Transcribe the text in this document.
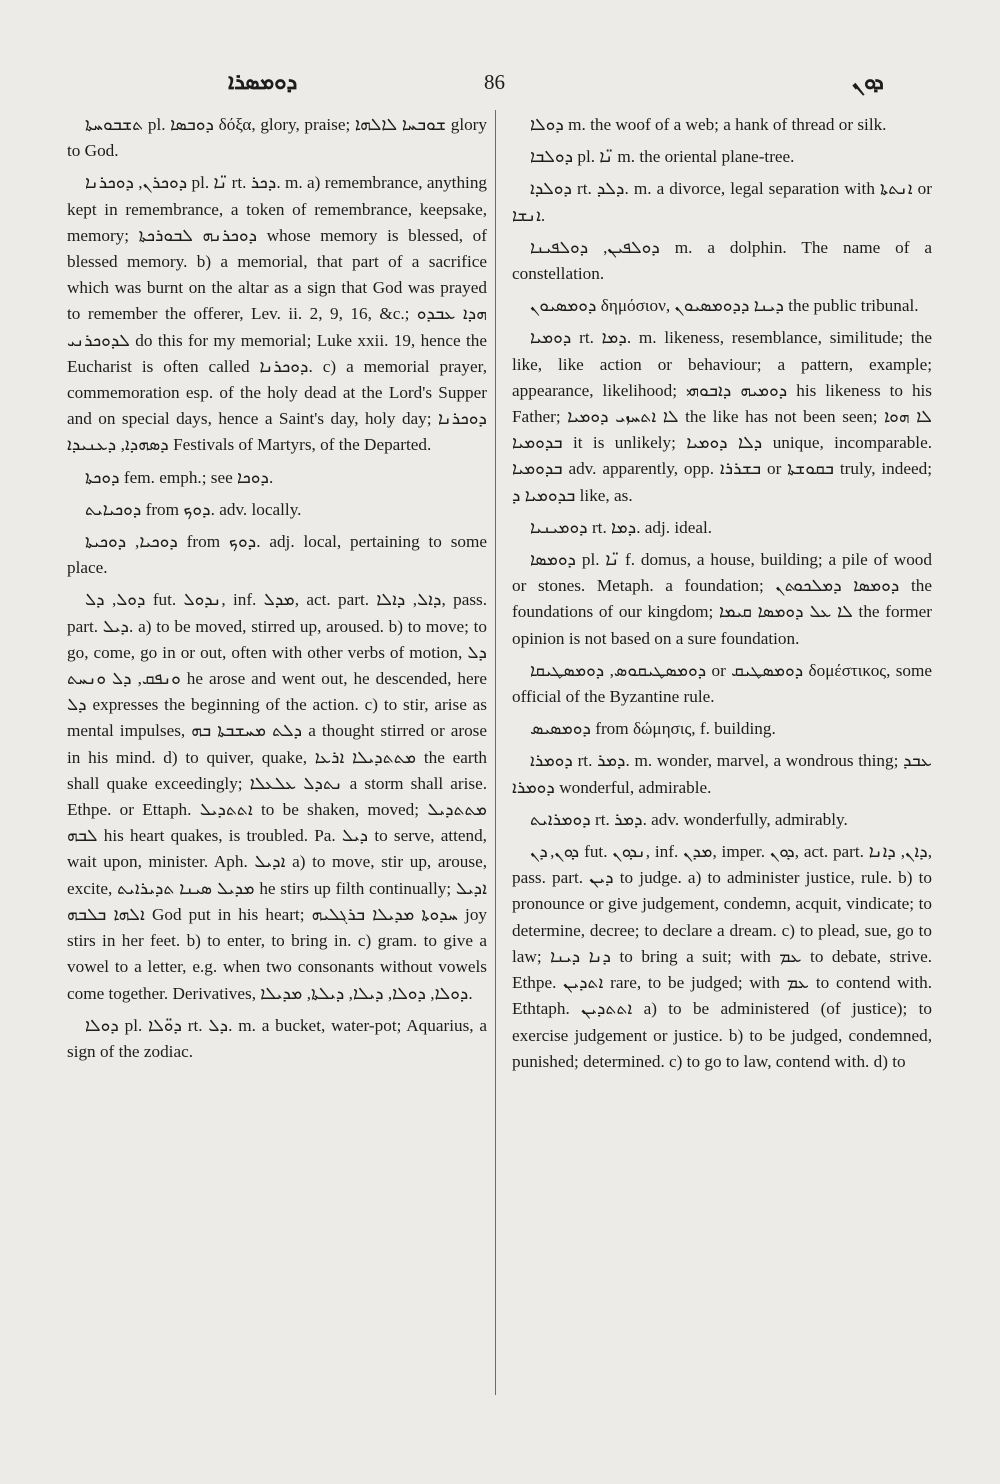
ܕܘܡܣܪܐ	86	ܕܘܢ

ܬܫܒܘܚܬܐ pl. ܕܘܒܣܐ δόξα, glory, praise; ܫܘܒܚܐ ܠܐܠܗܐ glory to God.

ܕܘܟܪܢ, ܕܘܟܪܢܐ pl. ܢ̈ܐ rt. ܕܟܪ. m. a) remembrance, anything kept in remembrance, a token of remembrance, keepsake, memory; ܕܘܟܪܢܗ ܠܒܘܪܟܬܐ whose memory is blessed, of blessed memory. b) a memorial, that part of a sacrifice which was burnt on the altar as a sign that God was prayed to remember the offerer, Lev. ii. 2, 9, 16, &c.; ܗܕܐ ܥܒܕܘ ܠܕܘܟܪܢܝ do this for my memorial; Luke xxii. 19, hence the Eucharist is often called ܕܘܟܪܢܐ. c) a memorial prayer, commemoration esp. of the holy dead at the Lord's Supper and on special days, hence a Saint's day, holy day; ܕܘܟܪܢܐ ܕܣܗܕܐ, ܕܥܢܝܕܐ Festivals of Martyrs, of the Departed.

ܕܘܟܬܐ fem. emph.; see ܕܘܟܐ.

ܕܘܟܝܐܝܬ from ܕܘܟ. adv. locally.

ܕܘܟܝܐ, ܕܘܟܝܬܐ from ܕܘܟ. adj. local, pertaining to some place.

ܕܘܠ, ܕܠ fut. ܢܕܘܠ, inf. ܡܕܠ, act. part. ܕܐܠ, ܕܐܠܐ, pass. part. ܕܝܠ. a) to be moved, stirred up, aroused. b) to move; to go, come, go in or out, often with other verbs of motion, ܕܠ ܘܢܦܩ, ܕܠ ܘܢܚܬ he arose and went out, he descended, here ܕܠ expresses the beginning of the action. c) to stir, arise as mental impulses, ܕܠܬ ܡܚܫܒܬܐ ܒܗ a thought stirred or arose in his mind. d) to quiver, quake, ܡܬܬܕܝܠܐ ܐܪܥܐ the earth shall quake exceedingly; ܢܬܕܠ ܥܠܥܠܐ a storm shall arise. Ethpe. or Ettaph. ܐܬܬܕܝܠ to be shaken, moved; ܡܬܬܕܝܠ ܠܒܗ his heart quakes, is troubled. Pa. ܕܝܠ to serve, attend, wait upon, minister. Aph. ܐܕܝܠ a) to move, stir up, arouse, excite, ܡܕܝܠ ܣܝܢܐ ܬܕܝܪܐܝܬ he stirs up filth continually; ܐܕܝܠ ܐܠܗܐ ܒܠܒܗ God put in his heart; ܚܕܘܬܐ ܡܕܝܠܐ ܒܪܓܠܝܗ joy stirs in her feet. b) to enter, to bring in. c) gram. to give a vowel to a letter, e.g. when two consonants without vowels come together. Derivatives, ܕܘܠܐ, ܕܘܠܐ, ܕܝܠܐ, ܕܝܠܬܐ, ܡܕܝܠܐ.

ܕܘܠܐ pl. ܕܘ̈ܠܐ rt. ܕܠ. m. a bucket, water-pot; Aquarius, a sign of the zodiac.

ܕܘܠܐ m. the woof of a web; a hank of thread or silk.

ܕܘܠܒܐ pl. ܢ̈ܐ m. the oriental plane-tree.

ܕܘܠܕܐ rt. ܕܠܕ. m. a divorce, legal separation with ܐܢܬܬܐ or ܐܢܫܐ.

ܕܘܠܦܝܢ, ܕܘܠܦܝܢܐ m. a dolphin. The name of a constellation.

ܕܘܡܣܝܘܢ δημόσιον, ܕܝܢܐ ܕܕܘܡܣܝܘܢ the public tribunal.

ܕܘܡܝܐ rt. ܕܡܐ. m. likeness, resemblance, similitude; the like, like action or behaviour; a pattern, example; appearance, likelihood; ܕܘܡܝܗ ܕܐܒܘܗܝ his likeness to his Father; ܠܐ ܐܬܚܙܝ ܕܘܡܝܐ the like has not been seen; ܠܐ ܗܘܐ ܒܕܘܡܝܐ it is unlikely; ܕܠܐ ܕܘܡܝܐ unique, incomparable. ܒܕܘܡܝܐ adv. apparently, opp. ܒܫܪܪܐ or ܒܩܘܫܬܐ truly, indeed; ܒܕܘܡܝܐ ܕ like, as.

ܕܘܡܝܢܝܐ rt. ܕܡܐ. adj. ideal.

ܕܘܡܣܐ pl. ܢ̈ܐ f. domus, a house, building; a pile of wood or stones. Metaph. a foundation; ܕܘܡܣܐ ܕܡܠܟܘܬܢ the foundations of our kingdom; ܠܐ ܥܠ ܕܘܡܣܐ ܩܝܡܐ the former opinion is not based on a sure foundation.

ܕܘܡܣܛܝܩܘܣ, ܕܘܡܣܛܝܩܐ or ܕܘܡܣܛܝܩ δομέστικος, some official of the Byzantine rule.

ܕܘܡܣܝܣ from δώμησις, f. building.

ܕܘܡܪܐ rt. ܕܡܪ. m. wonder, marvel, a wondrous thing; ܥܒܕ ܕܘܡܪܐ wonderful, admirable.

ܕܘܡܪܐܝܬ rt. ܕܡܪ. adv. wonderfully, admirably.

ܕܘܢ, ܕܢ fut. ܢܕܘܢ, inf. ܡܕܢ, imper. ܕܘܢ, act. part. ܕܐܢ, ܕܐܢܐ, pass. part. ܕܝܢ to judge. a) to administer justice, rule. b) to pronounce or give judgement, condemn, acquit, vindicate; to determine, decree; to declare a dream. c) to plead, sue, go to law; ܕܢܐ ܕܝܢܐ to bring a suit; with ܥܡ to debate, strive. Ethpe. ܐܬܕܝܢ rare, to be judged; with ܥܡ to contend with. Ethtaph. ܐܬܬܕܝܢ a) to be administered (of justice); to exercise judgement or justice. b) to be judged, condemned, punished; determined. c) to go to law, contend with. d) to
